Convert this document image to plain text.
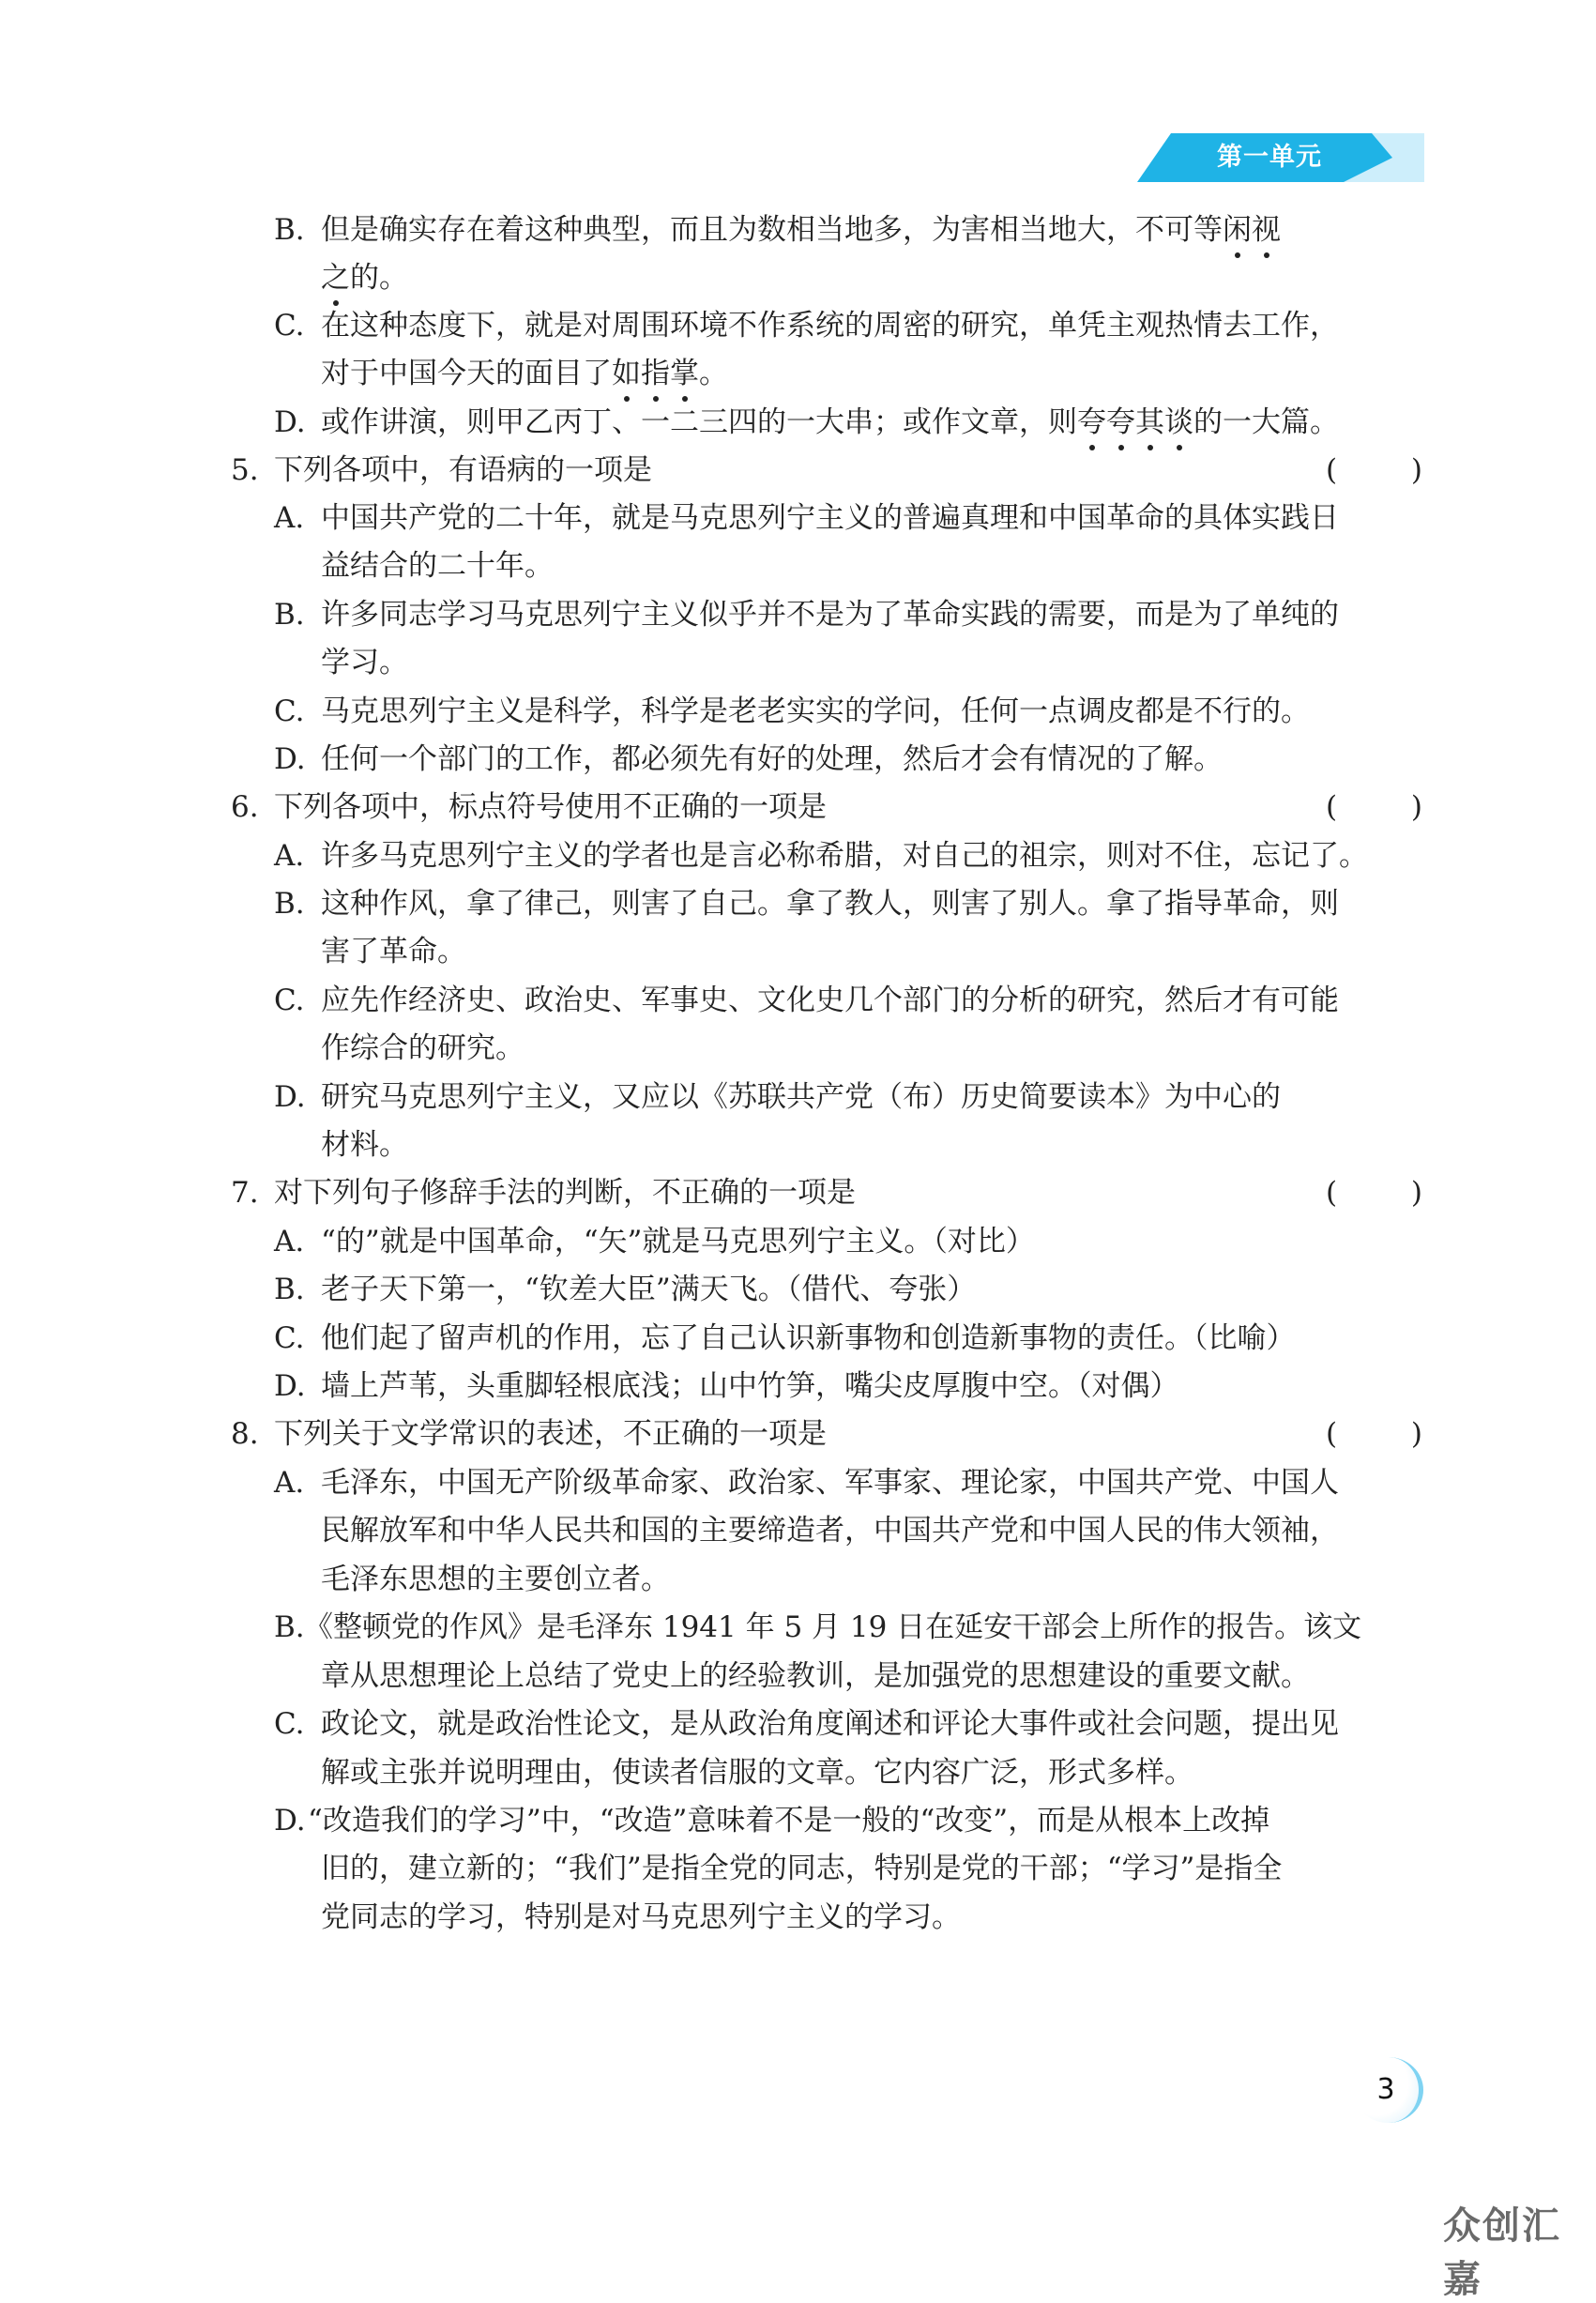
第一单元
B. 但是确实存在着这种典型，而且为数相当地多，为害相当地大，不可等闲视
之的。
C. 在这种态度下，就是对周围环境不作系统的周密的研究，单凭主观热情去工作，
对于中国今天的面目了如指掌。
D. 或作讲演，则甲乙丙丁、一二三四的一大串；或作文章，则夸夸其谈的一大篇。
5. 下列各项中，有语病的一项是	(        )
A. 中国共产党的二十年，就是马克思列宁主义的普遍真理和中国革命的具体实践日
益结合的二十年。
B. 许多同志学习马克思列宁主义似乎并不是为了革命实践的需要，而是为了单纯的
学习。
C. 马克思列宁主义是科学，科学是老老实实的学问，任何一点调皮都是不行的。
D. 任何一个部门的工作，都必须先有好的处理，然后才会有情况的了解。
6. 下列各项中，标点符号使用不正确的一项是	(        )
A. 许多马克思列宁主义的学者也是言必称希腊，对自己的祖宗，则对不住，忘记了。
B. 这种作风，拿了律己，则害了自己。拿了教人，则害了别人。拿了指导革命，则
害了革命。
C. 应先作经济史、政治史、军事史、文化史几个部门的分析的研究，然后才有可能
作综合的研究。
D. 研究马克思列宁主义，又应以《苏联共产党（布）历史简要读本》为中心的
材料。
7. 对下列句子修辞手法的判断，不正确的一项是	(        )
A. “的”就是中国革命，“矢”就是马克思列宁主义。（对比）
B. 老子天下第一，“钦差大臣”满天飞。（借代、夸张）
C. 他们起了留声机的作用，忘了自己认识新事物和创造新事物的责任。（比喻）
D. 墙上芦苇，头重脚轻根底浅；山中竹笋，嘴尖皮厚腹中空。（对偶）
8. 下列关于文学常识的表述，不正确的一项是	(        )
A. 毛泽东，中国无产阶级革命家、政治家、军事家、理论家，中国共产党、中国人
民解放军和中华人民共和国的主要缔造者，中国共产党和中国人民的伟大领袖，
毛泽东思想的主要创立者。
B. 《整顿党的作风》是毛泽东 1941 年 5 月 19 日在延安干部会上所作的报告。该文
章从思想理论上总结了党史上的经验教训，是加强党的思想建设的重要文献。
C. 政论文，就是政治性论文，是从政治角度阐述和评论大事件或社会问题，提出见
解或主张并说明理由，使读者信服的文章。它内容广泛，形式多样。
D. “改造我们的学习”中，“改造”意味着不是一般的“改变”，而是从根本上改掉
旧的，建立新的；“我们”是指全党的同志，特别是党的干部；“学习”是指全
党同志的学习，特别是对马克思列宁主义的学习。
3
众创汇嘉
